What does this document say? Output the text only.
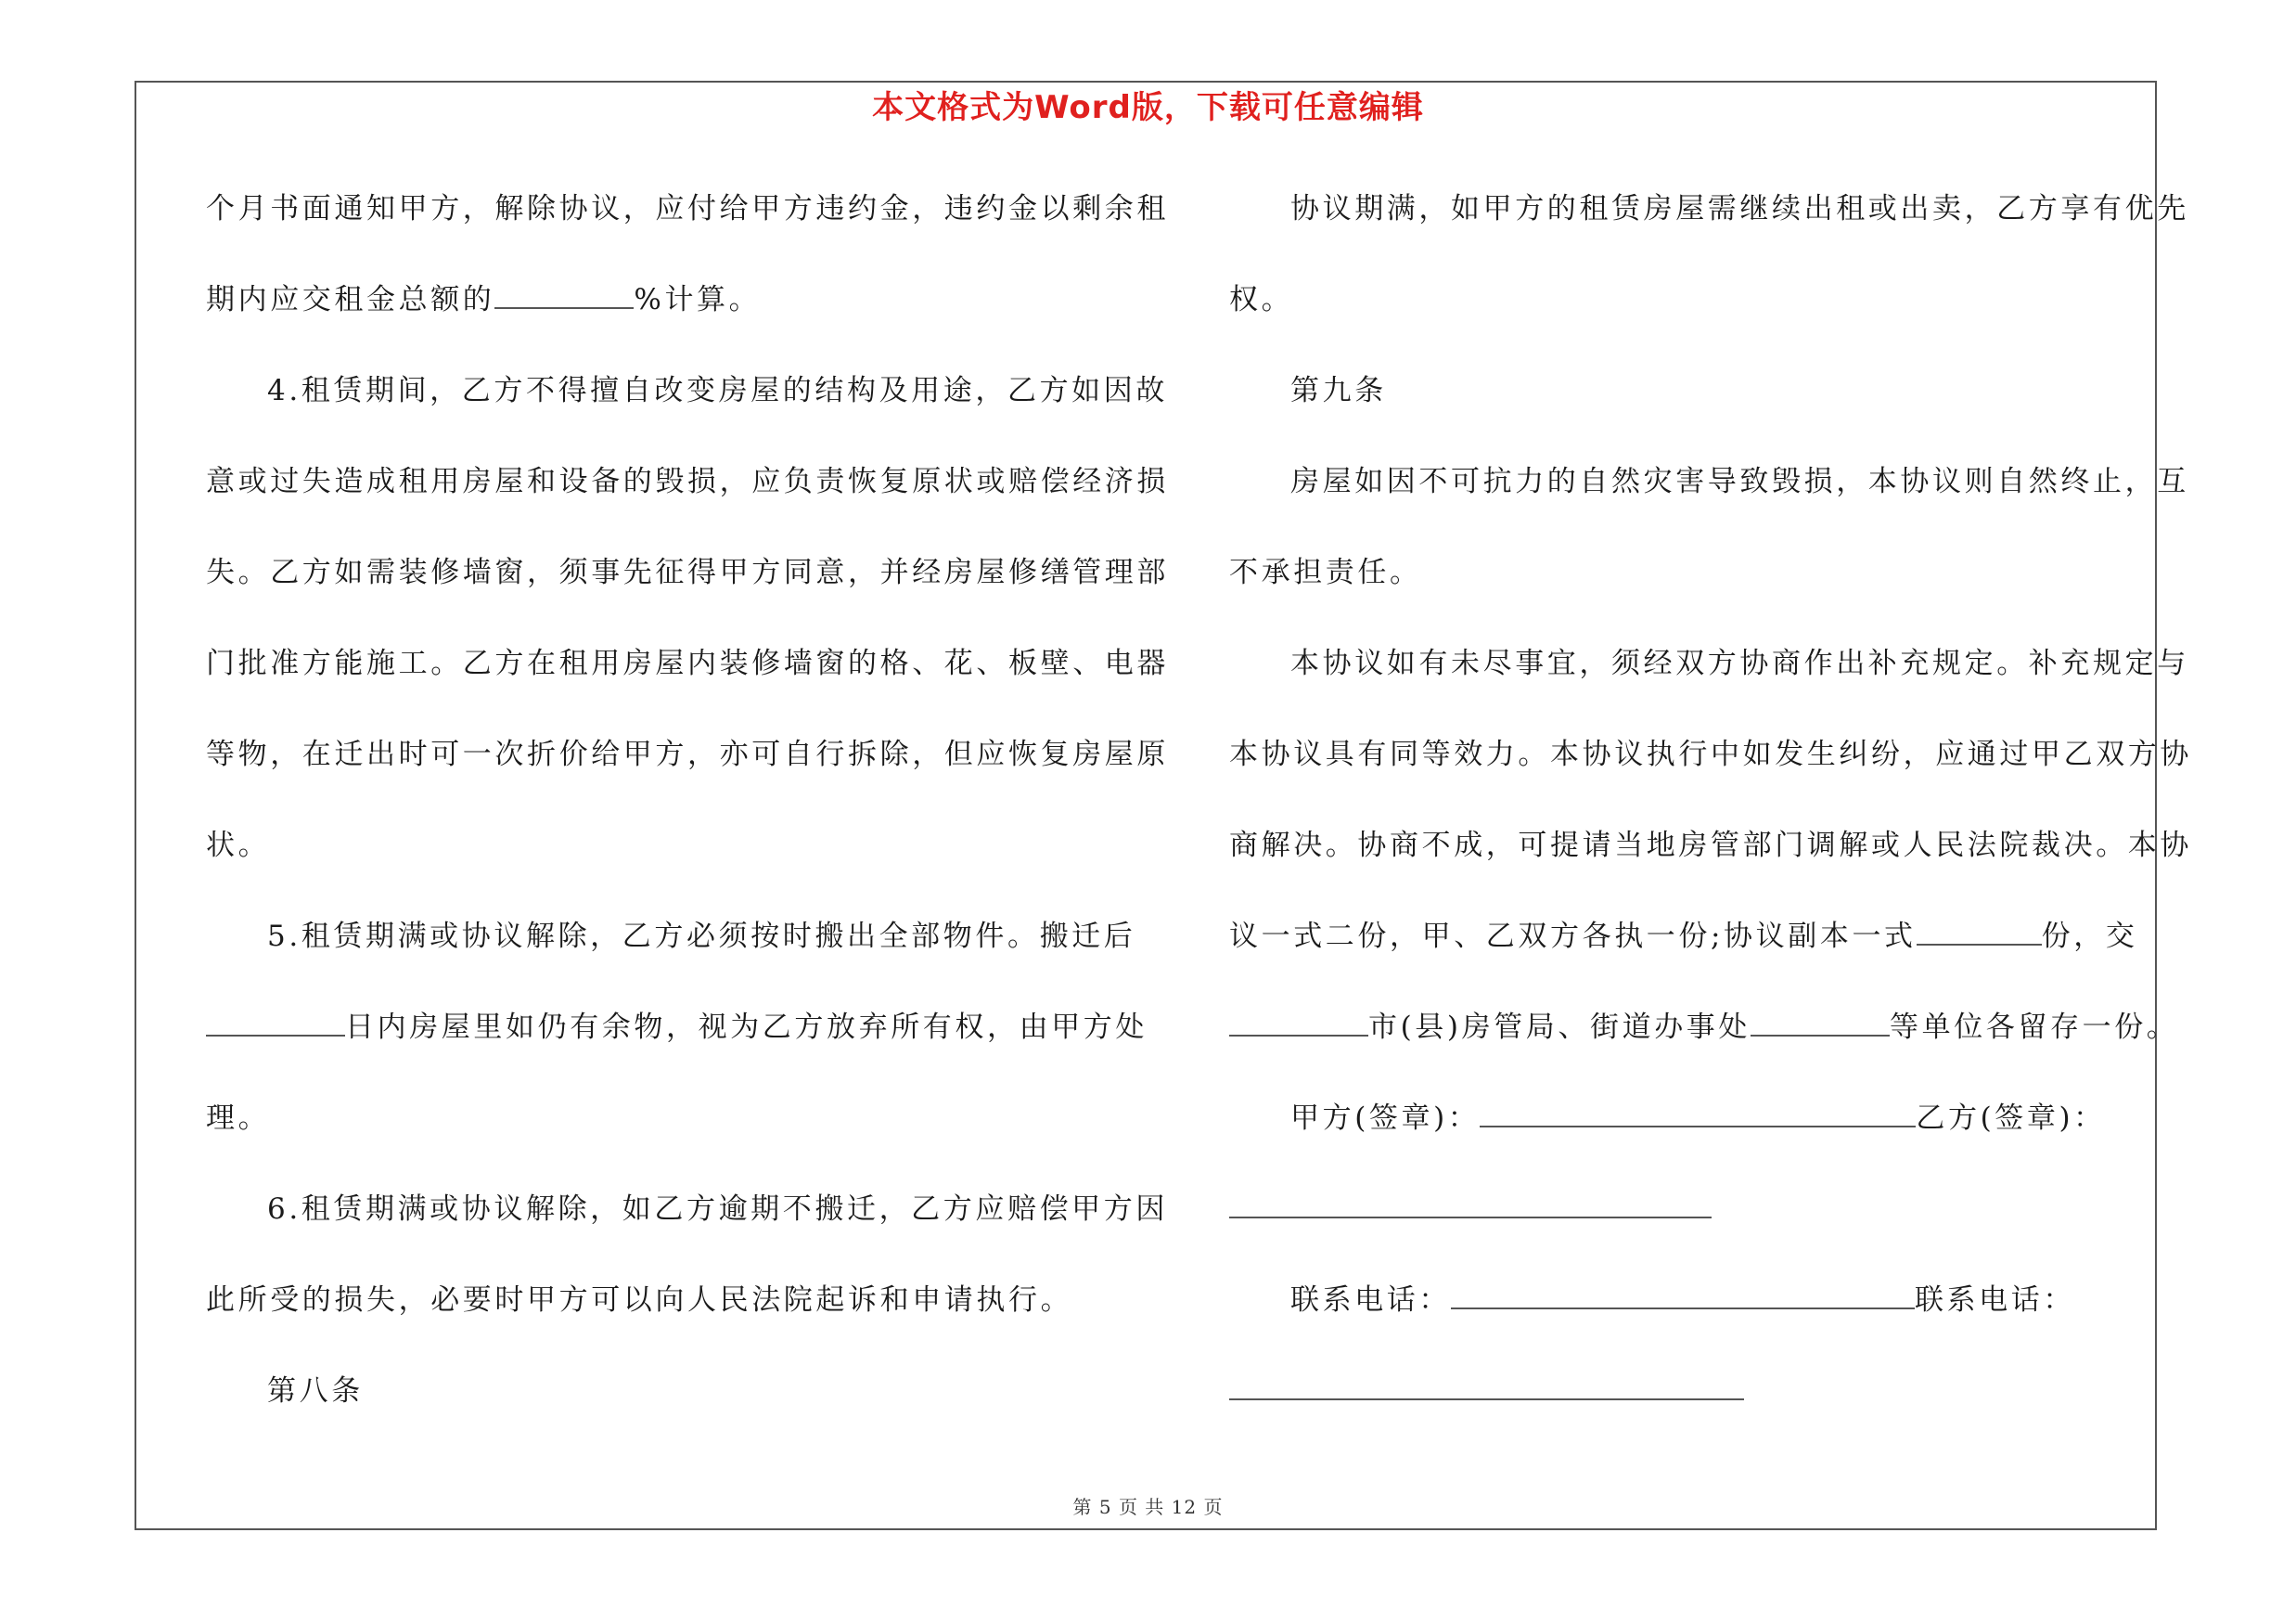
本文格式为Word版，下载可任意编辑

个月书面通知甲方，解除协议，应付给甲方违约金，违约金以剩余租

期内应交租金总额的	%计算。

4.租赁期间，乙方不得擅自改变房屋的结构及用途，乙方如因故

意或过失造成租用房屋和设备的毁损，应负责恢复原状或赔偿经济损

失。乙方如需装修墙窗，须事先征得甲方同意，并经房屋修缮管理部

门批准方能施工。乙方在租用房屋内装修墙窗的格、花、板壁、电器

等物，在迁出时可一次折价给甲方，亦可自行拆除，但应恢复房屋原

状。

5.租赁期满或协议解除，乙方必须按时搬出全部物件。搬迁后

日内房屋里如仍有余物，视为乙方放弃所有权，由甲方处

理。

6.租赁期满或协议解除，如乙方逾期不搬迁，乙方应赔偿甲方因

此所受的损失，必要时甲方可以向人民法院起诉和申请执行。

第八条

协议期满，如甲方的租赁房屋需继续出租或出卖，乙方享有优先

权。

第九条

房屋如因不可抗力的自然灾害导致毁损，本协议则自然终止，互

不承担责任。

本协议如有未尽事宜，须经双方协商作出补充规定。补充规定与

本协议具有同等效力。本协议执行中如发生纠纷，应通过甲乙双方协

商解决。协商不成，可提请当地房管部门调解或人民法院裁决。本协

议一式二份，甲、乙双方各执一份;协议副本一式	份，交

市(县)房管局、街道办事处	等单位各留存一份。

甲方(签章)：	乙方(签章)：

联系电话：	联系电话：

第 5 页 共 12 页
